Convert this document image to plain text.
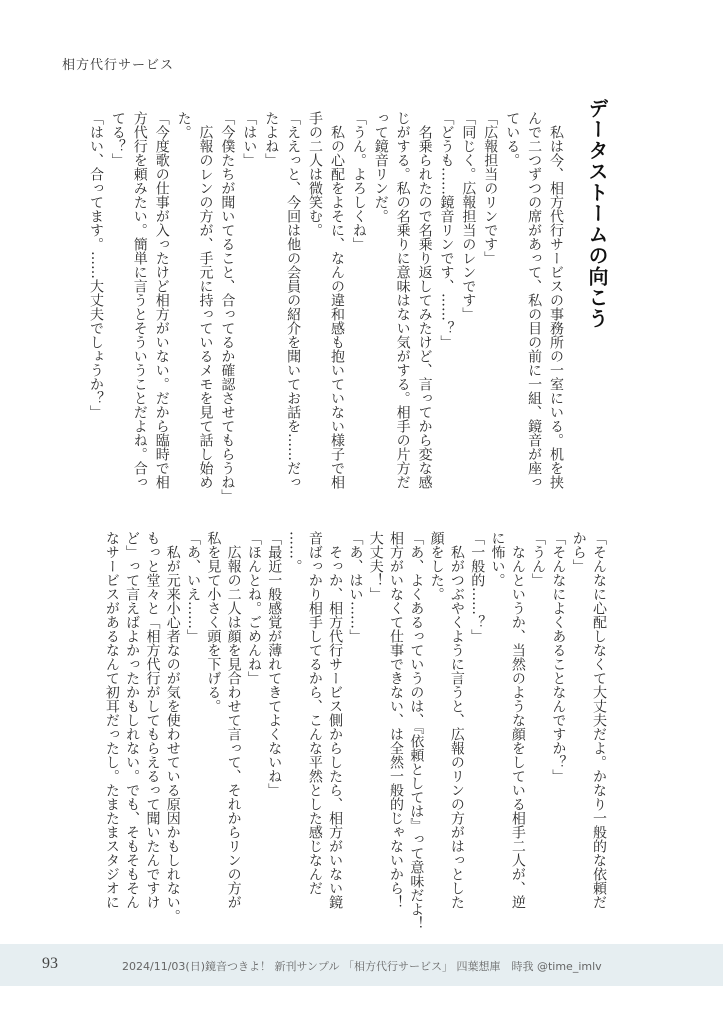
相方代行サービス
データストームの向こう
　私は今、相方代行サービスの事務所の一室にいる。机を挟
んで二つずつの席があって、私の目の前に一組、鏡音が座っ
ている。
「広報担当のリンです」
「同じく。広報担当のレンです」
「どうも……鏡音リンです、……？」
　名乗られたので名乗り返してみたけど、言ってから変な感
じがする。私の名乗りに意味はない気がする。相手の片方だ
って鏡音リンだ。
「うん。よろしくね」
　私の心配をよそに、なんの違和感も抱いていない様子で相
手の二人は微笑む。
「ええっと、今回は他の会員の紹介を聞いてお話を……だっ
たよね」
「はい」
「今僕たちが聞いてること、合ってるか確認させてもらうね」
　広報のレンの方が、手元に持っているメモを見て話し始め
た。
「今度歌の仕事が入ったけど相方がいない。だから臨時で相
方代行を頼みたい。簡単に言うとそういうことだよね。合っ
てる？」
「はい、合ってます。……大丈夫でしょうか？」
「そんなに心配しなくて大丈夫だよ。かなり一般的な依頼だ
から」
「そんなによくあることなんですか？」
「うん」
　なんというか、当然のような顔をしている相手二人が、逆
に怖い。
「一般的……？」
　私がつぶやくように言うと、広報のリンの方がはっとした
顔をした。
「あ、よくあるっていうのは、『依頼としては』って意味だよ！
相方がいなくて仕事できない、は全然一般的じゃないから！
大丈夫！」
「あ、はい……」
　そっか、相方代行サービス側からしたら、相方がいない鏡
音ばっかり相手してるから、こんな平然とした感じなんだ
……。
「最近一般感覚が薄れてきてよくないね」
「ほんとね。ごめんね」
　広報の二人は顔を見合わせて言って、それからリンの方が
私を見て小さく頭を下げる。
「あ、いえ……」
　私が元来小心者なのが気を使わせている原因かもしれない。
もっと堂々と「相方代行がしてもらえるって聞いたんですけ
ど」って言えばよかったかもしれない。でも、そもそもそん
なサービスがあるなんて初耳だったし。たまたまスタジオに
93	2024/11/03(日)鏡音つきよ！ 新刊サンプル 「相方代行サービス」 四葉想庫　時我 @time_imlv
